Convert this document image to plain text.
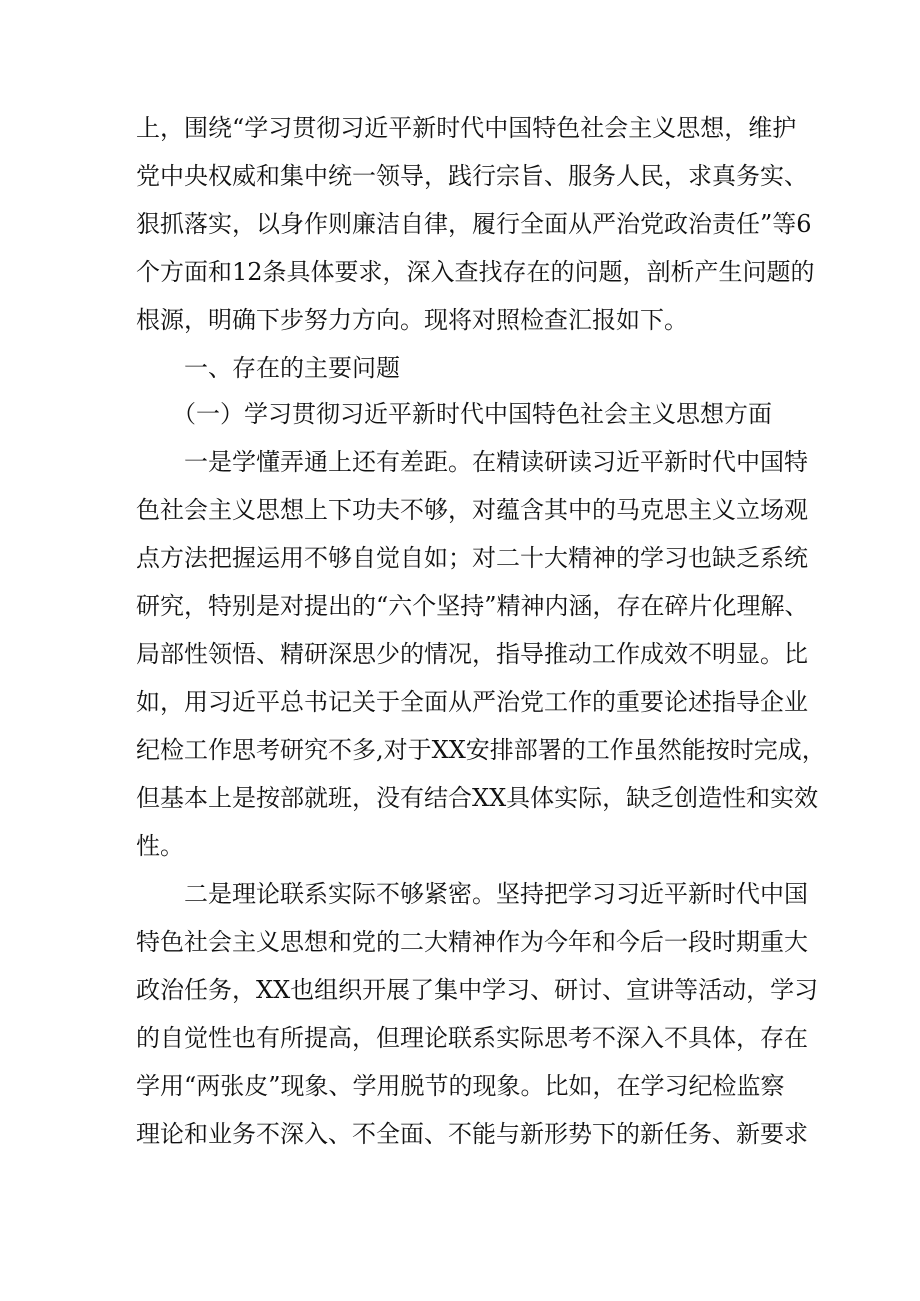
上，围绕“学习贯彻习近平新时代中国特色社会主义思想，维护
党中央权威和集中统一领导，践行宗旨、服务人民，求真务实、
狠抓落实，以身作则廉洁自律，履行全面从严治党政治责任”等6
个方面和12条具体要求，深入查找存在的问题，剖析产生问题的
根源，明确下步努力方向。现将对照检查汇报如下。
一、存在的主要问题
（一）学习贯彻习近平新时代中国特色社会主义思想方面
一是学懂弄通上还有差距。在精读研读习近平新时代中国特
色社会主义思想上下功夫不够，对蕴含其中的马克思主义立场观
点方法把握运用不够自觉自如；对二十大精神的学习也缺乏系统
研究，特别是对提出的“六个坚持”精神内涵，存在碎片化理解、
局部性领悟、精研深思少的情况，指导推动工作成效不明显。比
如，用习近平总书记关于全面从严治党工作的重要论述指导企业
纪检工作思考研究不多,对于XX安排部署的工作虽然能按时完成，
但基本上是按部就班，没有结合XX具体实际，缺乏创造性和实效
性。
二是理论联系实际不够紧密。坚持把学习习近平新时代中国
特色社会主义思想和党的二大精神作为今年和今后一段时期重大
政治任务，XX也组织开展了集中学习、研讨、宣讲等活动，学习
的自觉性也有所提高，但理论联系实际思考不深入不具体，存在
学用“两张皮”现象、学用脱节的现象。比如，在学习纪检监察
理论和业务不深入、不全面、不能与新形势下的新任务、新要求
